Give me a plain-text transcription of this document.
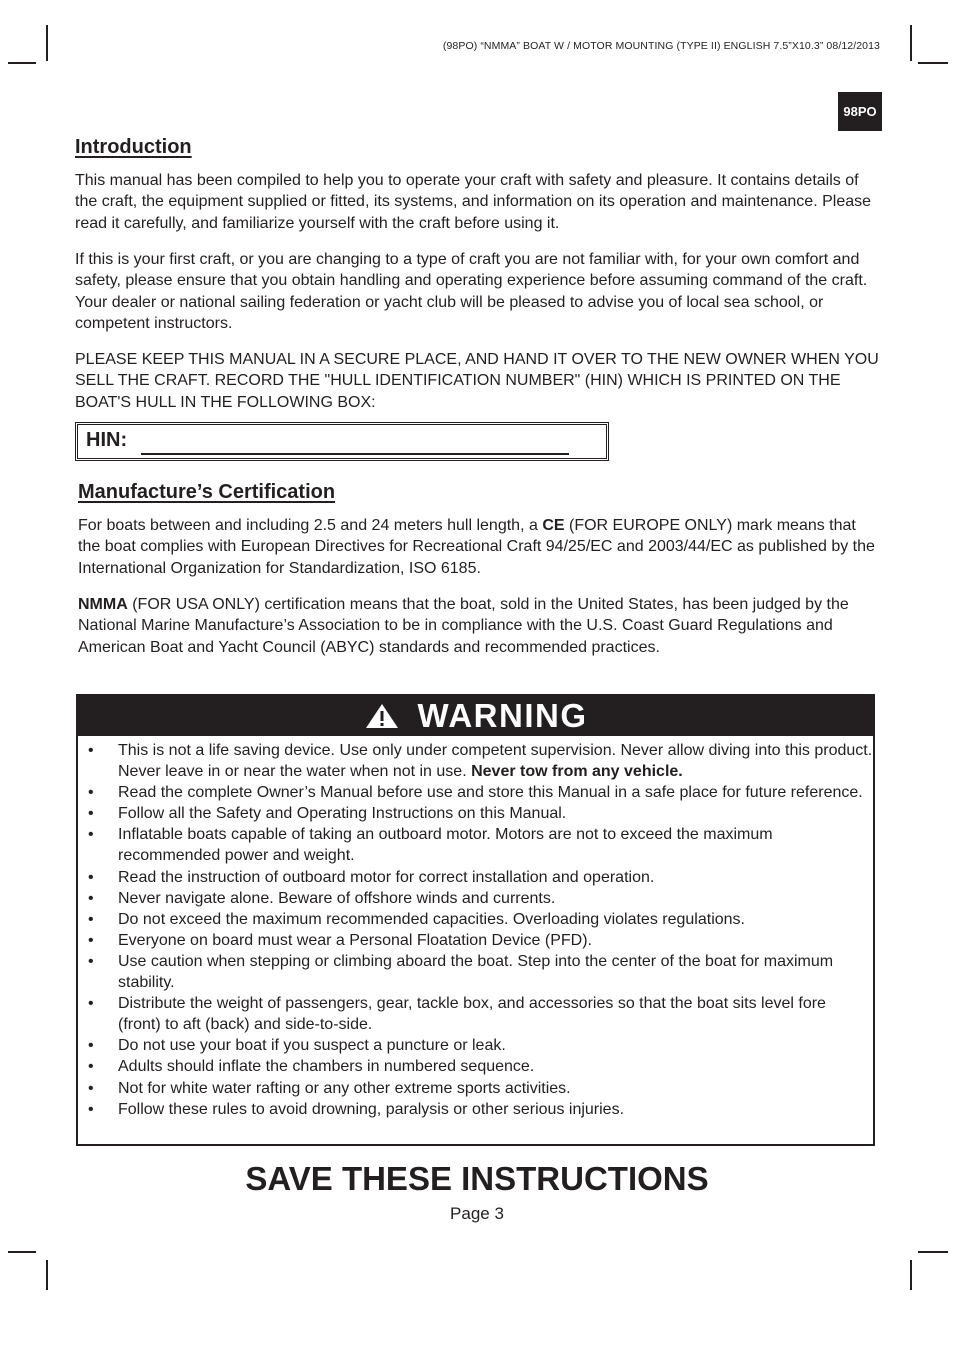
(98PO) “NMMA” BOAT W / MOTOR MOUNTING (TYPE II) ENGLISH 7.5”X10.3” 08/12/2013
98PO
Introduction

This manual has been compiled to help you to operate your craft with safety and pleasure. It contains details of the craft, the equipment supplied or fitted, its systems, and information on its operation and maintenance. Please read it carefully, and familiarize yourself with the craft before using it.

If this is your first craft, or you are changing to a type of craft you are not familiar with, for your own comfort and safety, please ensure that you obtain handling and operating experience before assuming command of the craft. Your dealer or national sailing federation or yacht club will be pleased to advise you of local sea school, or competent instructors.

PLEASE KEEP THIS MANUAL IN A SECURE PLACE, AND HAND IT OVER TO THE NEW OWNER WHEN YOU SELL THE CRAFT. RECORD THE "HULL IDENTIFICATION NUMBER" (HIN) WHICH IS PRINTED ON THE BOAT'S HULL IN THE FOLLOWING BOX:

HIN:
Manufacture’s Certification

For boats between and including 2.5 and 24 meters hull length, a CE (FOR EUROPE ONLY) mark means that the boat complies with European Directives for Recreational Craft 94/25/EC and 2003/44/EC as published by the International Organization for Standardization, ISO 6185.

NMMA (FOR USA ONLY) certification means that the boat, sold in the United States, has been judged by the National Marine Manufacture’s Association to be in compliance with the U.S. Coast Guard Regulations and American Boat and Yacht Council (ABYC) standards and recommended practices.

WARNING
• This is not a life saving device. Use only under competent supervision. Never allow diving into this product. Never leave in or near the water when not in use. Never tow from any vehicle.
• Read the complete Owner’s Manual before use and store this Manual in a safe place for future reference.
• Follow all the Safety and Operating Instructions on this Manual.
• Inflatable boats capable of taking an outboard motor. Motors are not to exceed the maximum recommended power and weight.
• Read the instruction of outboard motor for correct installation and operation.
• Never navigate alone. Beware of offshore winds and currents.
• Do not exceed the maximum recommended capacities. Overloading violates regulations.
• Everyone on board must wear a Personal Floatation Device (PFD).
• Use caution when stepping or climbing aboard the boat. Step into the center of the boat for maximum stability.
• Distribute the weight of passengers, gear, tackle box, and accessories so that the boat sits level fore (front) to aft (back) and side-to-side.
• Do not use your boat if you suspect a puncture or leak.
• Adults should inflate the chambers in numbered sequence.
• Not for white water rafting or any other extreme sports activities.
• Follow these rules to avoid drowning, paralysis or other serious injuries.
SAVE THESE INSTRUCTIONS
Page 3
